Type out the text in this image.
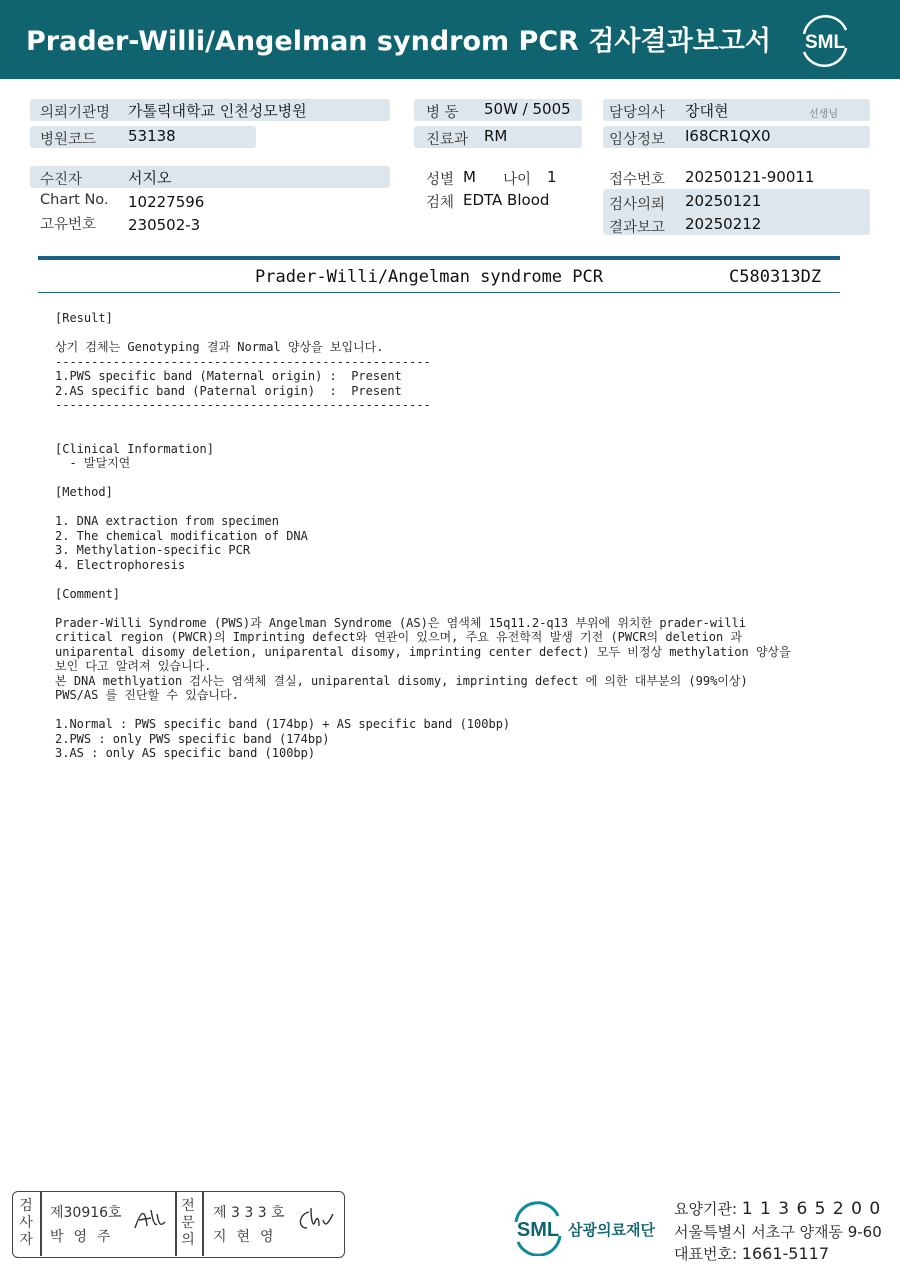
Prader-Willi/Angelman syndrom PCR 검사결과보고서 SML
의뢰기관명 가톨릭대학교 인천성모병원
병원코드 53138
병 동 50W / 5005
진료과 RM
담당의사 장대현	선생님
임상정보 I68CR1QX0
수진자	서지오
Chart No. 10227596
고유번호 230502-3
성별 M 나이 1
검체 EDTA Blood
접수번호 20250121-90011
검사의뢰 20250121
결과보고 20250212
Prader-Willi/Angelman syndrome PCR	C580313DZ
[Result]

상기 검체는 Genotyping 결과 Normal 양상을 보입니다.
----------------------------------------------------
1.PWS specific band (Maternal origin) :  Present
2.AS specific band (Paternal origin)  :  Present
----------------------------------------------------

[Clinical Information]
- 발달지연

[Method]

1. DNA extraction from specimen
2. The chemical modification of DNA
3. Methylation-specific PCR
4. Electrophoresis

[Comment]

Prader-Willi Syndrome (PWS)과 Angelman Syndrome (AS)은 염색체 15q11.2-q13 부위에 위치한 prader-willi
critical region (PWCR)의 Imprinting defect와 연관이 있으며, 주요 유전학적 발생 기전 (PWCR의 deletion 과
uniparental disomy deletion, uniparental disomy, imprinting center defect) 모두 비정상 methylation 양상을
보인 다고 알려져 있습니다.
본 DNA methlyation 검사는 염색체 결실, uniparental disomy, imprinting defect 에 의한 대부분의 (99%이상)
PWS/AS 를 진단할 수 있습니다.

1.Normal : PWS specific band (174bp) + AS specific band (100bp)
2.PWS : only PWS specific band (174bp)
3.AS : only AS specific band (100bp)
검
사
자
제30916호
박영주
전
문
의
제 3 3 3 호
지현영	SML 삼광의료재단
요양기관: 1 1 3 6 5 2 0 0
서울특별시 서초구 양재동 9-60
대표번호: 1661-5117
